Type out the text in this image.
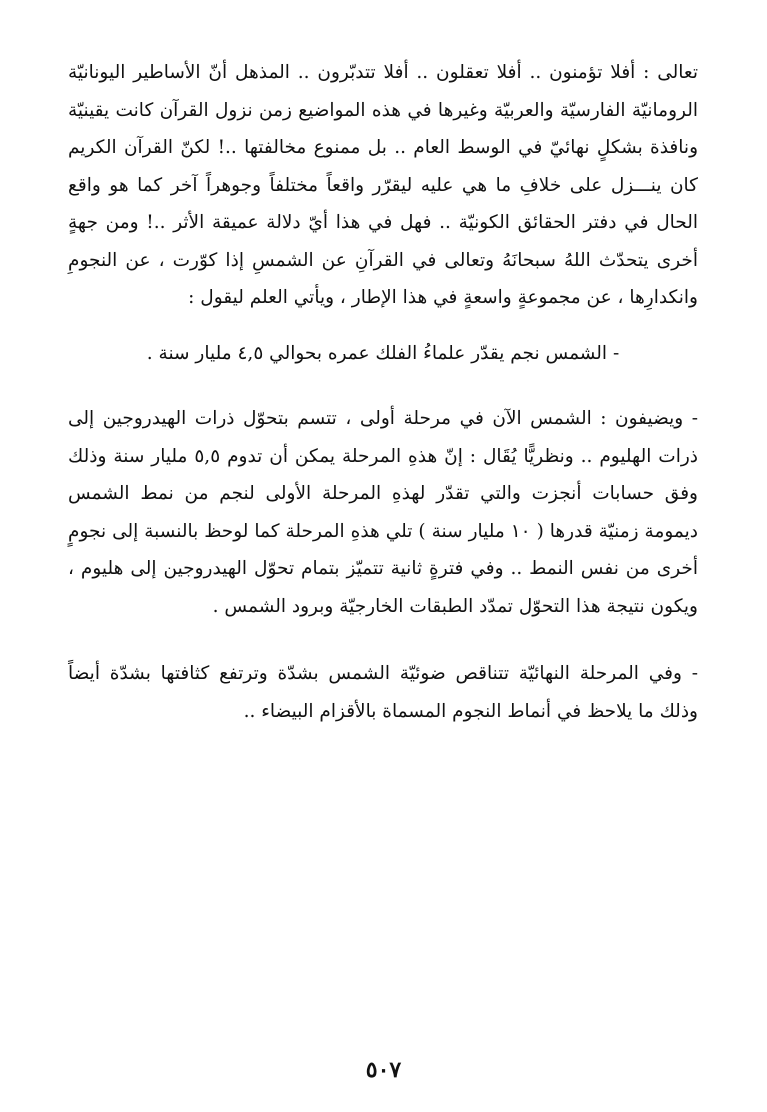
تعالى : أفلا تؤمنون .. أفلا تعقلون .. أفلا تتدبّرون .. المذهل أنّ الأساطير اليونانيّة الرومانيّة الفارسيّة والعربيّة وغيرها في هذه المواضيع زمن نزول القرآن كانت يقينيّة ونافذة بشكلٍ نهائيّ في الوسط العام .. بل ممنوع مخالفتها ..! لكنّ القرآن الكريم كان ينـــزل على خلافِ ما هي عليه ليقرّر واقعاً مختلفاً وجوهراً آخر كما هو واقع الحال في دفتر الحقائق الكونيّة .. فهل في هذا أيّ دلالة عميقة الأثر ..! ومن جهةٍ أخرى يتحدّث اللهُ سبحانَهُ وتعالى في القرآنِ عن الشمسِ إذا كوّرت ، عن النجومِ وانكدارِها ، عن مجموعةٍ واسعةٍ في هذا الإطار ، ويأتي العلم ليقول :

- الشمس نجم يقدّر علماءُ الفلك عمره بحوالي ٤,٥ مليار سنة .

- ويضيفون : الشمس الآن في مرحلة أولى ، تتسم بتحوّل ذرات الهيدروجين إلى ذرات الهليوم .. ونظريًّا يُقَال : إنّ هذهِ المرحلة يمكن أن تدوم ٥,٥ مليار سنة وذلك وفق حسابات أنجزت والتي تقدّر لهذهِ المرحلة الأولى لنجم من نمط الشمس ديمومة زمنيّة قدرها ( ١٠ مليار سنة ) تلي هذهِ المرحلة كما لوحظ بالنسبة إلى نجومٍ أخرى من نفس النمط .. وفي فترةٍ ثانية تتميّز بتمام تحوّل الهيدروجين إلى هليوم ، ويكون نتيجة هذا التحوّل تمدّد الطبقات الخارجيّة وبرود الشمس .

- وفي المرحلة النهائيّة تتناقص ضوئيّة الشمس بشدّة وترتفع كثافتها بشدّة أيضاً وذلك ما يلاحظ في أنماط النجوم المسماة بالأقزام البيضاء ..

٥٠٧
